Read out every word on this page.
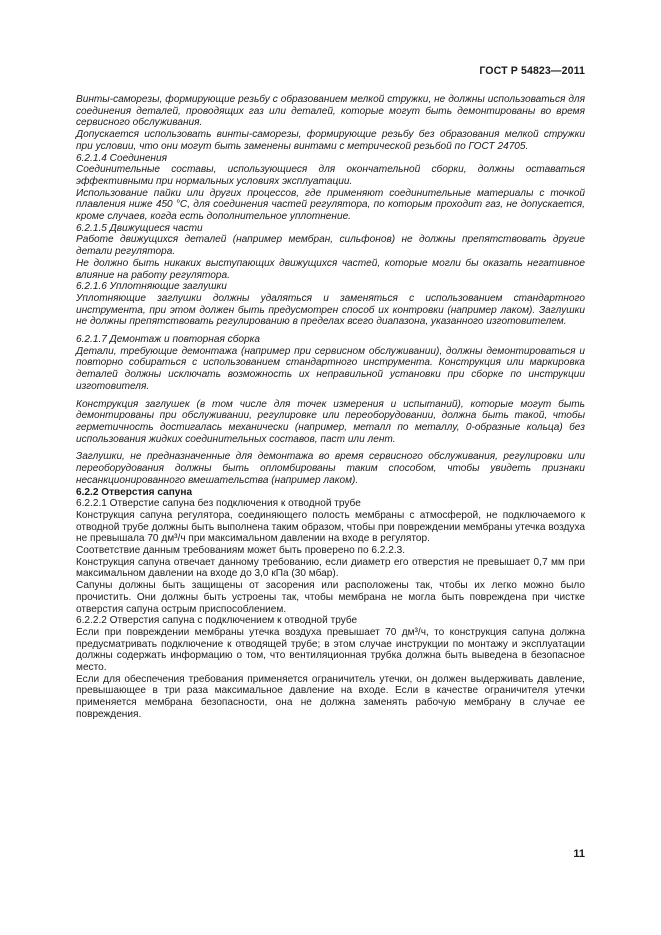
ГОСТ Р 54823—2011

Винты-саморезы, формирующие резьбу с образованием мелкой стружки, не должны использоваться для соединения деталей, проводящих газ или деталей, которые могут быть демонтированы во время сервисного обслуживания.

Допускается использовать винты-саморезы, формирующие резьбу без образования мелкой стружки при условии, что они могут быть заменены винтами с метрической резьбой по ГОСТ 24705.

6.2.1.4 Соединения

Соединительные составы, использующиеся для окончательной сборки, должны оставаться эффективными при нормальных условиях эксплуатации.

Использование пайки или других процессов, где применяют соединительные материалы с точкой плавления ниже 450 °С, для соединения частей регулятора, по которым проходит газ, не допускается, кроме случаев, когда есть дополнительное уплотнение.

6.2.1.5 Движущиеся части

Работе движущихся деталей (например мембран, сильфонов) не должны препятствовать другие детали регулятора.

Не должно быть никаких выступающих движущихся частей, которые могли бы оказать негативное влияние на работу регулятора.

6.2.1.6 Уплотняющие заглушки

Уплотняющие заглушки должны удаляться и заменяться с использованием стандартного инструмента, при этом должен быть предусмотрен способ их контровки (например лаком). Заглушки не должны препятствовать регулированию в пределах всего диапазона, указанного изготовителем.

6.2.1.7 Демонтаж и повторная сборка

Детали, требующие демонтажа (например при сервисном обслуживании), должны демонтироваться и повторно собираться с использованием стандартного инструмента. Конструкция или маркировка деталей должны исключать возможность их неправильной установки при сборке по инструкции изготовителя.

Конструкция заглушек (в том числе для точек измерения и испытаний), которые могут быть демонтированы при обслуживании, регулировке или переоборудовании, должна быть такой, чтобы герметичность достигалась механически (например, металл по металлу, 0-образные кольца) без использования жидких соединительных составов, паст или лент.

Заглушки, не предназначенные для демонтажа во время сервисного обслуживания, регулировки или переоборудования должны быть опломбированы таким способом, чтобы увидеть признаки несанкционированного вмешательства (например лаком).

6.2.2 Отверстия сапуна

6.2.2.1 Отверстие сапуна без подключения к отводной трубе

Конструкция сапуна регулятора, соединяющего полость мембраны с атмосферой, не подключаемого к отводной трубе должны быть выполнена таким образом, чтобы при повреждении мембраны утечка воздуха не превышала 70 дм³/ч при максимальном давлении на входе в регулятор.

Соответствие данным требованиям может быть проверено по 6.2.2.3.

Конструкция сапуна отвечает данному требованию, если диаметр его отверстия не превышает 0,7 мм при максимальном давлении на входе до 3,0 кПа (30 мбар).

Сапуны должны быть защищены от засорения или расположены так, чтобы их легко можно было прочистить. Они должны быть устроены так, чтобы мембрана не могла быть повреждена при чистке отверстия сапуна острым приспособлением.

6.2.2.2 Отверстия сапуна с подключением к отводной трубе

Если при повреждении мембраны утечка воздуха превышает 70 дм³/ч, то конструкция сапуна должна предусматривать подключение к отводящей трубе; в этом случае инструкции по монтажу и эксплуатации должны содержать информацию о том, что вентиляционная трубка должна быть выведена в безопасное место.

Если для обеспечения требования применяется ограничитель утечки, он должен выдерживать давление, превышающее в три раза максимальное давление на входе. Если в качестве ограничителя утечки применяется мембрана безопасности, она не должна заменять рабочую мембрану в случае ее повреждения.

11
